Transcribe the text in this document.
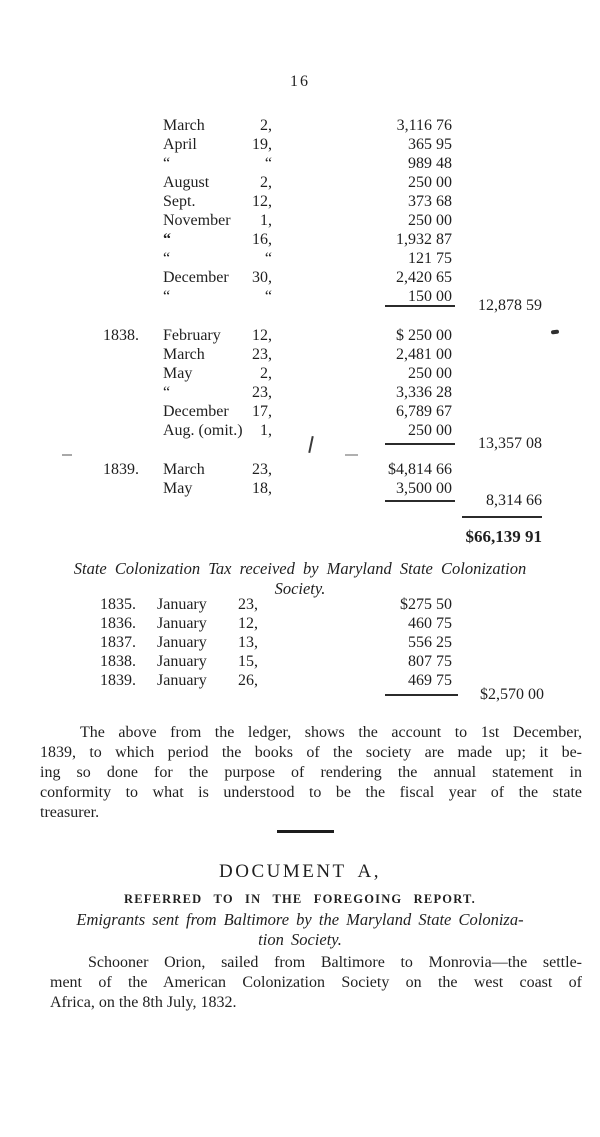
16
March	2,	3,116 76
April	19,	365 95
“	“	989 48
August	2,	250 00
Sept.	12,	373 68
November	1,	250 00
“	16,	1,932 87
“	“	121 75
December	30,	2,420 65
“	“	150 00
12,878 59
1838. February	12,	$ 250 00
March	23,	2,481 00
May	2,	250 00
“	23,	3,336 28
December	17,	6,789 67
Aug. (omit.)	1,	250 00
13,357 08
1839. March	23,	$4,814 66
May	18,	3,500 00
8,314 66
$66,139 91
State Colonization Tax received by Maryland State Colonization
Society.
1835. January	23,	$275 50
1836. January	12,	460 75
1837. January	13,	556 25
1838. January	15,	807 75
1839. January	26,	469 75
$2,570 00
The above from the ledger, shows the account to 1st December,
1839, to which period the books of the society are made up; it be-
ing so done for the purpose of rendering the annual statement in
conformity to what is understood to be the fiscal year of the state
treasurer.
DOCUMENT A,
REFERRED TO IN THE FOREGOING REPORT.
Emigrants sent from Baltimore by the Maryland State Coloniza-
tion Society.
Schooner Orion, sailed from Baltimore to Monrovia—the settle-
ment of the American Colonization Society on the west coast of
Africa, on the 8th July, 1832.
